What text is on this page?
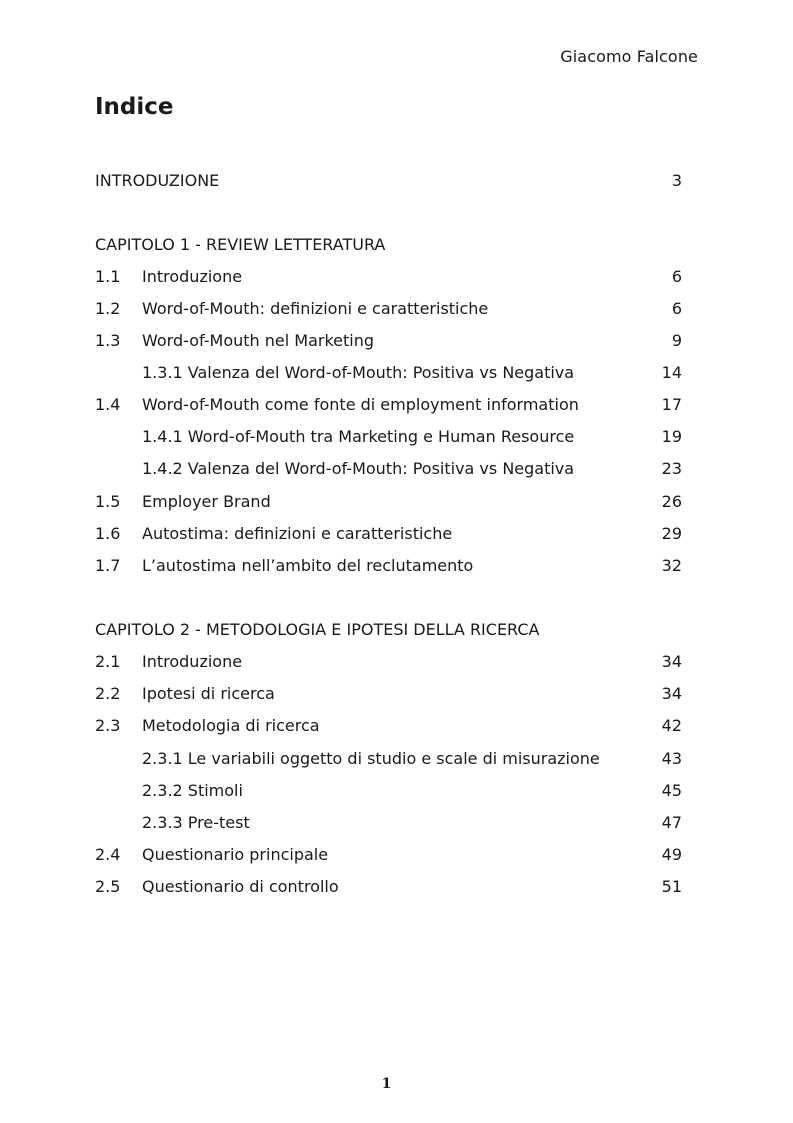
Giacomo Falcone
Indice
INTRODUZIONE	3
CAPITOLO 1 - REVIEW LETTERATURA
1.1 Introduzione	6
1.2 Word-of-Mouth: definizioni e caratteristiche	6
1.3 Word-of-Mouth nel Marketing	9
1.3.1 Valenza del Word-of-Mouth: Positiva vs Negativa	14
1.4 Word-of-Mouth come fonte di employment information	17
1.4.1 Word-of-Mouth tra Marketing e Human Resource	19
1.4.2 Valenza del Word-of-Mouth: Positiva vs Negativa	23
1.5 Employer Brand	26
1.6 Autostima: definizioni e caratteristiche	29
1.7 L’autostima nell’ambito del reclutamento	32
CAPITOLO 2 - METODOLOGIA E IPOTESI DELLA RICERCA
2.1 Introduzione	34
2.2 Ipotesi di ricerca	34
2.3 Metodologia di ricerca	42
2.3.1 Le variabili oggetto di studio e scale di misurazione	43
2.3.2 Stimoli	45
2.3.3 Pre-test	47
2.4 Questionario principale	49
2.5 Questionario di controllo	51
1
